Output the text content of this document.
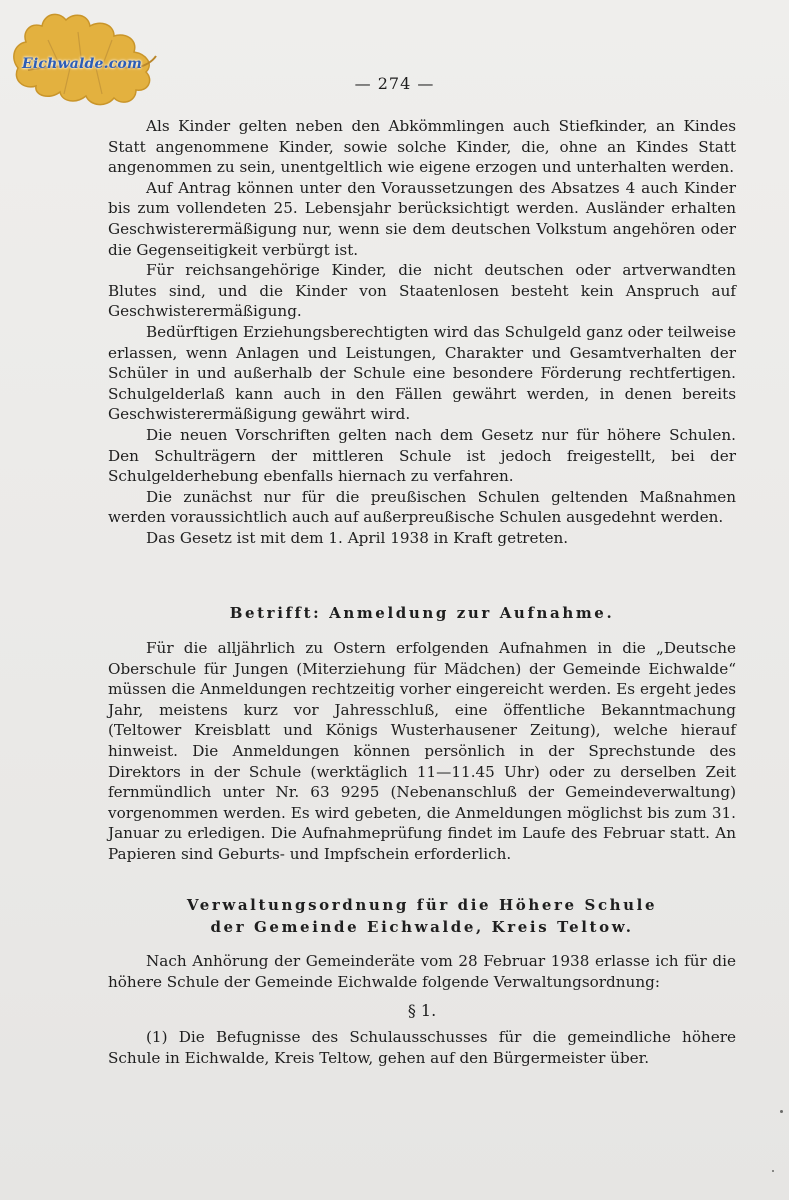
Eichwalde.com
— 274 —

Als Kinder gelten neben den Abkömmlingen auch Stiefkinder, an Kindes Statt angenommene Kinder, sowie solche Kinder, die, ohne an Kindes Statt angenommen zu sein, unentgeltlich wie eigene erzogen und unterhalten werden.

Auf Antrag können unter den Voraussetzungen des Absatzes 4 auch Kinder bis zum vollendeten 25. Lebensjahr berücksichtigt werden. Ausländer erhalten Geschwisterermäßigung nur, wenn sie dem deutschen Volkstum angehören oder die Gegenseitigkeit verbürgt ist.

Für reichsangehörige Kinder, die nicht deutschen oder artverwandten Blutes sind, und die Kinder von Staatenlosen besteht kein Anspruch auf Geschwisterermäßigung.

Bedürftigen Erziehungsberechtigten wird das Schulgeld ganz oder teilweise erlassen, wenn Anlagen und Leistungen, Charakter und Gesamtverhalten der Schüler in und außerhalb der Schule eine besondere Förderung rechtfertigen. Schulgelderlaß kann auch in den Fällen gewährt werden, in denen bereits Geschwisterermäßigung gewährt wird.

Die neuen Vorschriften gelten nach dem Gesetz nur für höhere Schulen. Den Schulträgern der mittleren Schule ist jedoch freigestellt, bei der Schulgelderhebung ebenfalls hiernach zu verfahren.

Die zunächst nur für die preußischen Schulen geltenden Maßnahmen werden voraussichtlich auch auf außerpreußische Schulen ausgedehnt werden.

Das Gesetz ist mit dem 1. April 1938 in Kraft getreten.

Betrifft: Anmeldung zur Aufnahme.

Für die alljährlich zu Ostern erfolgenden Aufnahmen in die „Deutsche Oberschule für Jungen (Miterziehung für Mädchen) der Gemeinde Eichwalde“ müssen die Anmeldungen rechtzeitig vorher eingereicht werden. Es ergeht jedes Jahr, meistens kurz vor Jahresschluß, eine öffentliche Bekanntmachung (Teltower Kreisblatt und Königs Wusterhausener Zeitung), welche hierauf hinweist. Die Anmeldungen können persönlich in der Sprechstunde des Direktors in der Schule (werktäglich 11—11.45 Uhr) oder zu derselben Zeit fernmündlich unter Nr. 63 9295 (Nebenanschluß der Gemeindeverwaltung) vorgenommen werden. Es wird gebeten, die Anmeldungen möglichst bis zum 31. Januar zu erledigen. Die Aufnahmeprüfung findet im Laufe des Februar statt. An Papieren sind Geburts- und Impfschein erforderlich.

Verwaltungsordnung für die Höhere Schule
der Gemeinde Eichwalde, Kreis Teltow.

Nach Anhörung der Gemeinderäte vom 28 Februar 1938 erlasse ich für die höhere Schule der Gemeinde Eichwalde folgende Verwaltungsordnung:

§ 1.

(1) Die Befugnisse des Schulausschusses für die gemeindliche höhere Schule in Eichwalde, Kreis Teltow, gehen auf den Bürgermeister über.
